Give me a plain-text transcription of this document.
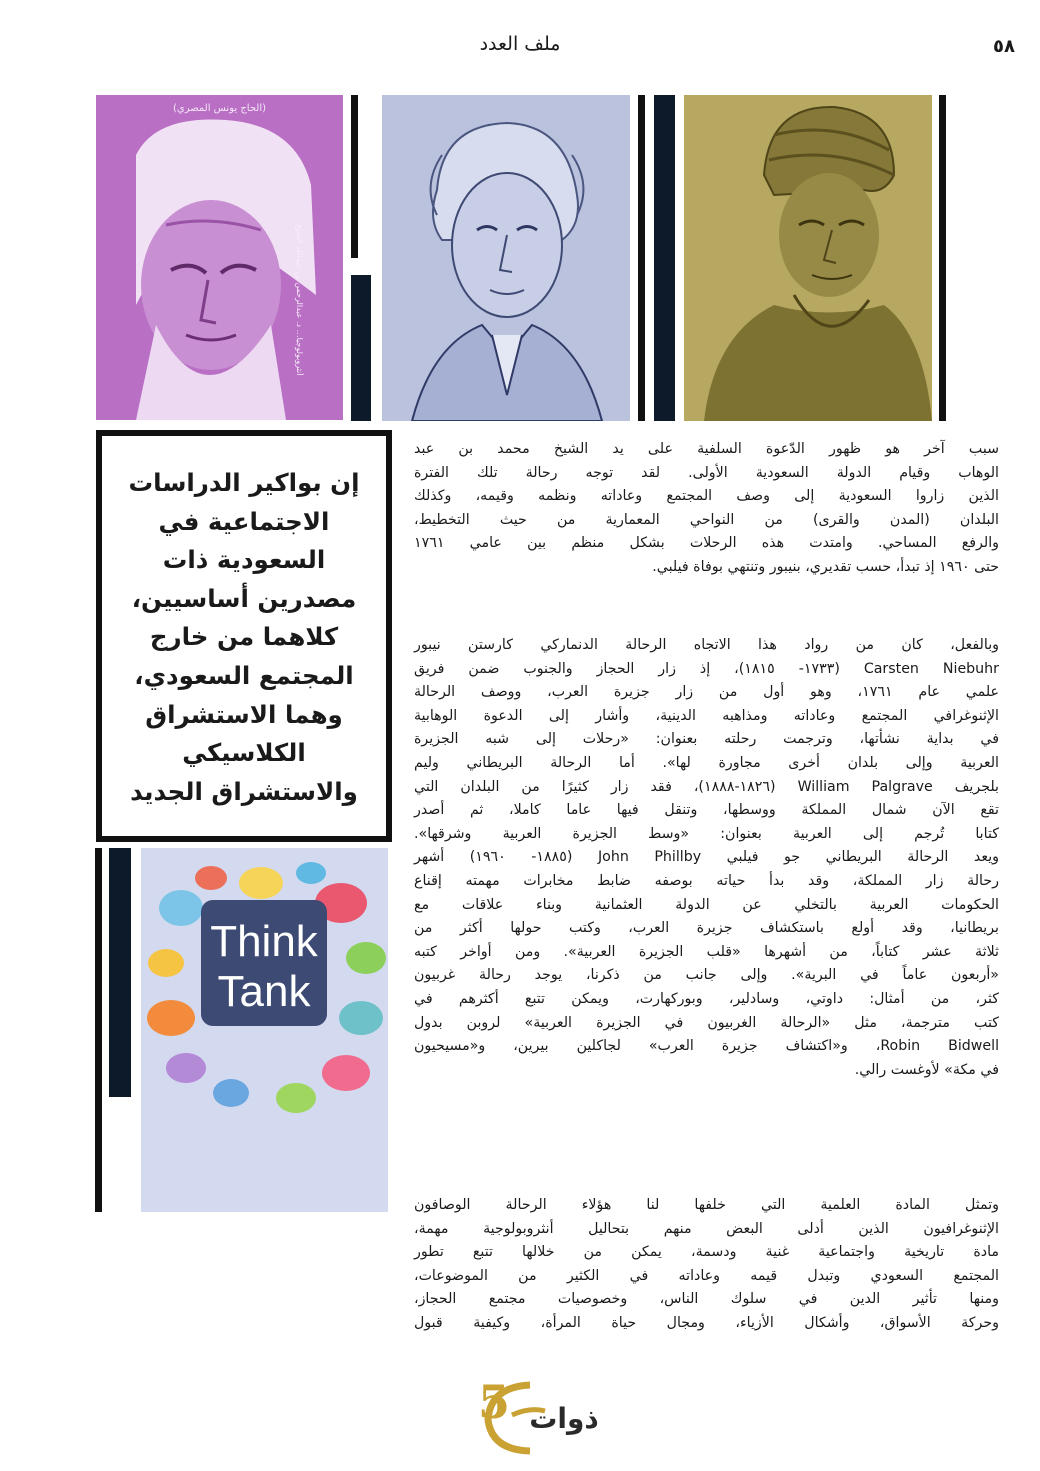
٥٨
ملف العدد
(الحاج يونس المصري)
أنثروبولوجيا… د. عبدالرحمن بن عبدالله الشيخ
إن بواكير الدراسات الاجتماعية في السعودية ذات مصدرين أساسيين، كلاهما من خارج المجتمع السعودي، وهما الاستشراق الكلاسيكي والاستشراق الجديد
Think
Tank
سبب آخر هو ظهور الدّعوة السلفية على يد الشيخ محمد بن عبد
الوهاب وقيام الدولة السعودية الأولى. لقد توجه رحالة تلك الفترة
الذين زاروا السعودية إلى وصف المجتمع وعاداته ونظمه وقيمه، وكذلك
البلدان (المدن والقرى) من النواحي المعمارية من حيث التخطيط،
والرفع المساحي. وامتدت هذه الرحلات بشكل منظم بين عامي ١٧٦١
حتى ١٩٦٠ إذ تبدأ، حسب تقديري، بنيبور وتنتهي بوفاة فيلبي.
وبالفعل، كان من رواد هذا الاتجاه الرحالة الدنماركي كارستن نيبور
Carsten Niebuhr (١٧٣٣- ١٨١٥)، إذ زار الحجاز والجنوب ضمن فريق
علمي عام ١٧٦١، وهو أول من زار جزيرة العرب، ووصف الرحالة
الإثنوغرافي المجتمع وعاداته ومذاهبه الدينية، وأشار إلى الدعوة الوهابية
في بداية نشأتها، وترجمت رحلته بعنوان: «رحلات إلى شبه الجزيرة
العربية وإلى بلدان أخرى مجاورة لها». أما الرحالة البريطاني وليم
بلجريف William Palgrave (١٨٢٦-١٨٨٨)، فقد زار كثيرًا من البلدان التي
تقع الآن شمال المملكة ووسطها، وتنقل فيها عاما كاملا، ثم أصدر
كتابا تُرجم إلى العربية بعنوان: «وسط الجزيرة العربية وشرقها».
ويعد الرحالة البريطاني جو فيلبي John Phillby (١٨٨٥- ١٩٦٠) أشهر
رحالة زار المملكة، وقد بدأ حياته بوصفه ضابط مخابرات مهمته إقناع
الحكومات العربية بالتخلي عن الدولة العثمانية وبناء علاقات مع
بريطانيا، وقد أولع باستكشاف جزيرة العرب، وكتب حولها أكثر من
ثلاثة عشر كتاباً، من أشهرها «قلب الجزيرة العربية». ومن أواخر كتبه
«أربعون عاماً في البرية». وإلى جانب من ذكرنا، يوجد رحالة غربيون
كثر، من أمثال: داوتي، وسادلير، وبوركهارت، ويمكن تتبع أكثرهم في
كتب مترجمة، مثل «الرحالة الغربيون في الجزيرة العربية» لروبن بدول
Robin Bidwell، و«اكتشاف جزيرة العرب» لجاكلين بيرين، و«مسيحيون
في مكة» لأوغست رالي.
وتمثل المادة العلمية التي خلفها لنا هؤلاء الرحالة الوصافون
الإثنوغرافيون الذين أدلى البعض منهم بتحاليل أنثروبولوجية مهمة،
مادة تاريخية واجتماعية غنية ودسمة، يمكن من خلالها تتبع تطور
المجتمع السعودي وتبدل قيمه وعاداته في الكثير من الموضوعات،
ومنها تأثير الدين في سلوك الناس، وخصوصيات مجتمع الحجاز،
وحركة الأسواق، وأشكال الأزياء، ومجال حياة المرأة، وكيفية قبول
5 ذوات
